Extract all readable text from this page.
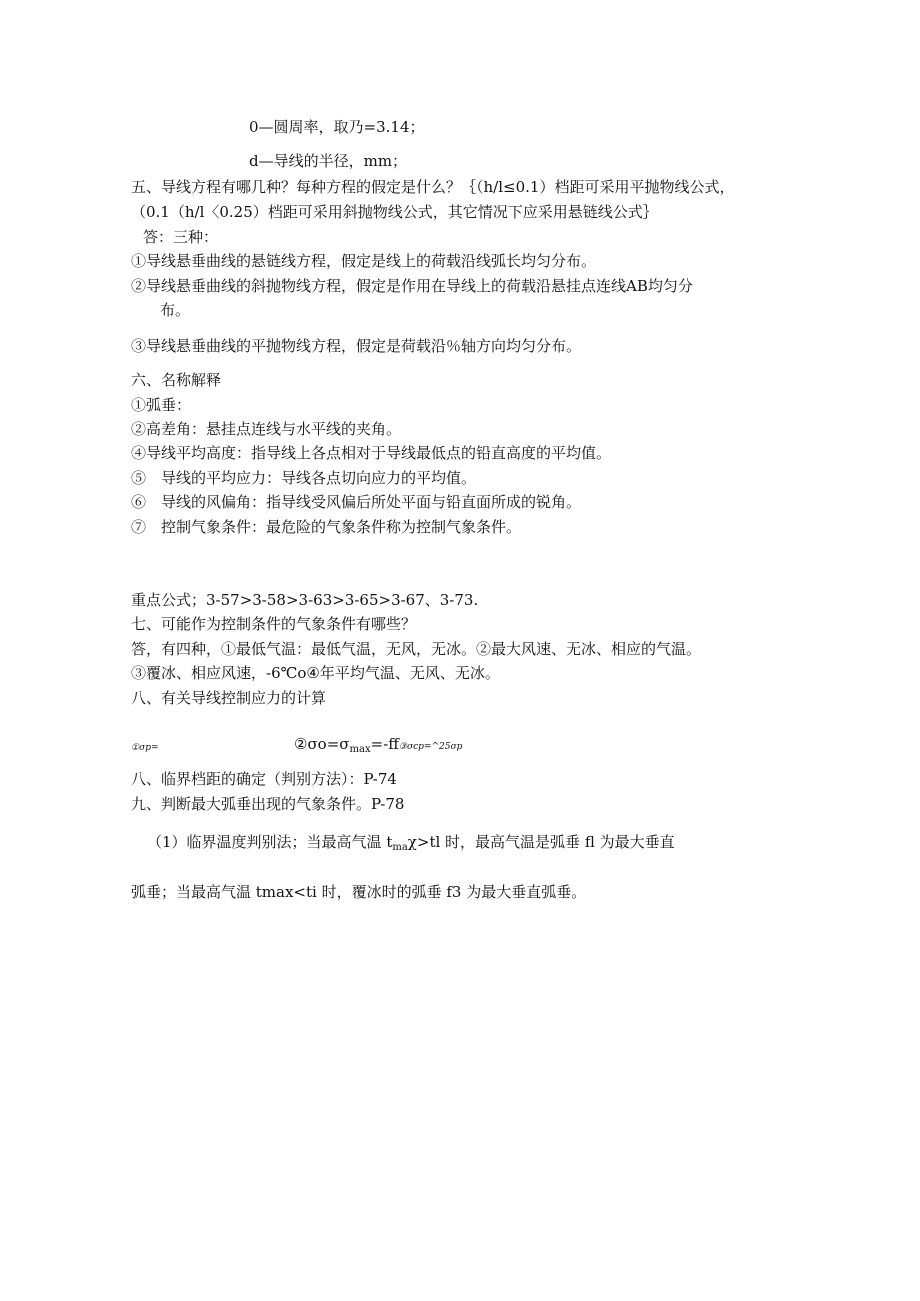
0—圆周率，取乃=3.14；
d—导线的半径，mm；
五、导线方程有哪几种？每种方程的假定是什么？｛（h/l≤0.1）档距可采用平抛物线公式，
（0.1（h/l〈0.25）档距可采用斜抛物线公式，其它情况下应采用悬链线公式｝
答：三种：
①导线悬垂曲线的悬链线方程，假定是线上的荷载沿线弧长均匀分布。
②导线悬垂曲线的斜抛物线方程，假定是作用在导线上的荷载沿悬挂点连线AB均匀分
布。
③导线悬垂曲线的平抛物线方程，假定是荷载沿％轴方向均匀分布。
六、名称解释
①弧垂：
②高差角：悬挂点连线与水平线的夹角。
④导线平均高度：指导线上各点相对于导线最低点的铅直高度的平均值。
⑤　导线的平均应力：导线各点切向应力的平均值。
⑥　导线的风偏角：指导线受风偏后所处平面与铅直面所成的锐角。
⑦　控制气象条件：最危险的气象条件称为控制气象条件。
重点公式；3-57>3-58>3-63>3-65>3-67、3-73.
七、可能作为控制条件的气象条件有哪些？
答，有四种，①最低气温：最低气温，无风，无冰。②最大风速、无冰、相应的气温。
③覆冰、相应风速，-6℃o④年平均气温、无风、无冰。
八、有关导线控制应力的计算
①σp=	$②\sigma o=\sigma_{max}=-ff③\sigma cp=\^{}25\sigma p$
八、临界档距的确定（判别方法）：P-74
九、判断最大弧垂出现的气象条件。P-78
（1）临界温度判别法；当最高气温 $t_{ma}\chi>tl$ 时，最高气温是弧垂 fl 为最大垂直
弧垂；当最高气温 tmax<ti 时，覆冰时的弧垂 f3 为最大垂直弧垂。
